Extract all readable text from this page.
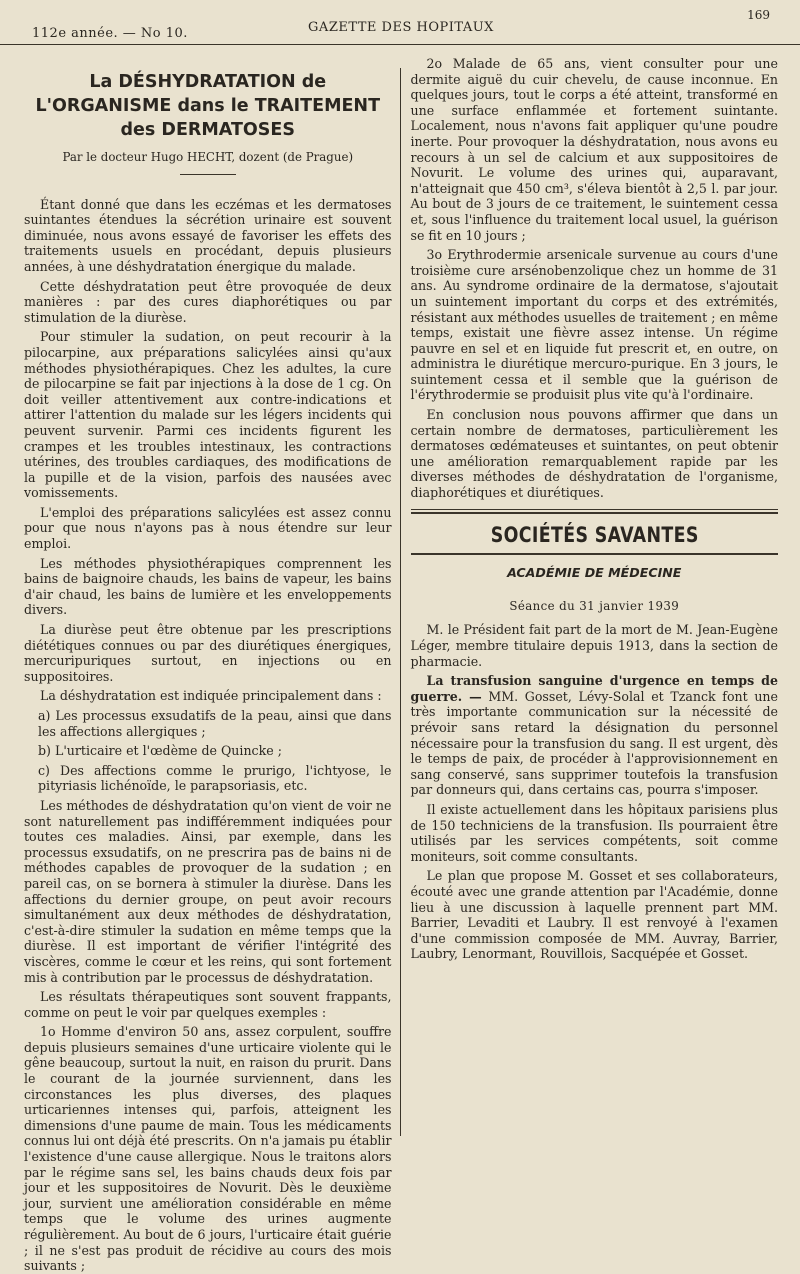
112e année. — No 10.	GAZETTE DES HOPITAUX
169
La DÉSHYDRATATION de L'ORGANISME dans le TRAITEMENT des DERMATOSES
Par le docteur Hugo HECHT, dozent (de Prague)

Étant donné que dans les eczémas et les dermatoses suintantes étendues la sécrétion urinaire est souvent diminuée, nous avons essayé de favoriser les effets des traitements usuels en procédant, depuis plusieurs années, à une déshydratation énergique du malade.

Cette déshydratation peut être provoquée de deux manières : par des cures diaphorétiques ou par stimulation de la diurèse.

Pour stimuler la sudation, on peut recourir à la pilocarpine, aux préparations salicylées ainsi qu'aux méthodes physiothérapiques. Chez les adultes, la cure de pilocarpine se fait par injections à la dose de 1 cg. On doit veiller attentivement aux contre-indications et attirer l'attention du malade sur les légers incidents qui peuvent survenir. Parmi ces incidents figurent les crampes et les troubles intestinaux, les contractions utérines, des troubles cardiaques, des modifications de la pupille et de la vision, parfois des nausées avec vomissements.

L'emploi des préparations salicylées est assez connu pour que nous n'ayons pas à nous étendre sur leur emploi.

Les méthodes physiothérapiques comprennent les bains de baignoire chauds, les bains de vapeur, les bains d'air chaud, les bains de lumière et les enveloppements divers.

La diurèse peut être obtenue par les prescriptions diététiques connues ou par des diurétiques énergiques, mercuripuriques surtout, en injections ou en suppositoires.

La déshydratation est indiquée principalement dans :

a) Les processus exsudatifs de la peau, ainsi que dans les affections allergiques ;

b) L'urticaire et l'œdème de Quincke ;

c) Des affections comme le prurigo, l'ichtyose, le pityriasis lichénoïde, le parapsoriasis, etc.

Les méthodes de déshydratation qu'on vient de voir ne sont naturellement pas indifféremment indiquées pour toutes ces maladies. Ainsi, par exemple, dans les processus exsudatifs, on ne prescrira pas de bains ni de méthodes capables de provoquer de la sudation ; en pareil cas, on se bornera à stimuler la diurèse. Dans les affections du dernier groupe, on peut avoir recours simultanément aux deux méthodes de déshydratation, c'est-à-dire stimuler la sudation en même temps que la diurèse. Il est important de vérifier l'intégrité des viscères, comme le cœur et les reins, qui sont fortement mis à contribution par le processus de déshydratation.

Les résultats thérapeutiques sont souvent frappants, comme on peut le voir par quelques exemples :

1o Homme d'environ 50 ans, assez corpulent, souffre depuis plusieurs semaines d'une urticaire violente qui le gêne beaucoup, surtout la nuit, en raison du prurit. Dans le courant de la journée surviennent, dans les circonstances les plus diverses, des plaques urticariennes intenses qui, parfois, atteignent les dimensions d'une paume de main. Tous les médicaments connus lui ont déjà été prescrits. On n'a jamais pu établir l'existence d'une cause allergique. Nous le traitons alors par le régime sans sel, les bains chauds deux fois par jour et les suppositoires de Novurit. Dès le deuxième jour, survient une amélioration considérable en même temps que le volume des urines augmente régulièrement. Au bout de 6 jours, l'urticaire était guérie ; il ne s'est pas produit de récidive au cours des mois suivants ;

2o Malade de 65 ans, vient consulter pour une dermite aiguë du cuir chevelu, de cause inconnue. En quelques jours, tout le corps a été atteint, transformé en une surface enflammée et fortement suintante. Localement, nous n'avons fait appliquer qu'une poudre inerte. Pour provoquer la déshydratation, nous avons eu recours à un sel de calcium et aux suppositoires de Novurit. Le volume des urines qui, auparavant, n'atteignait que 450 cm³, s'éleva bientôt à 2,5 l. par jour. Au bout de 3 jours de ce traitement, le suintement cessa et, sous l'influence du traitement local usuel, la guérison se fit en 10 jours ;

3o Erythrodermie arsenicale survenue au cours d'une troisième cure arsénobenzolique chez un homme de 31 ans. Au syndrome ordinaire de la dermatose, s'ajoutait un suintement important du corps et des extrémités, résistant aux méthodes usuelles de traitement ; en même temps, existait une fièvre assez intense. Un régime pauvre en sel et en liquide fut prescrit et, en outre, on administra le diurétique mercuro-purique. En 3 jours, le suintement cessa et il semble que la guérison de l'érythrodermie se produisit plus vite qu'à l'ordinaire.

En conclusion nous pouvons affirmer que dans un certain nombre de dermatoses, particulièrement les dermatoses œdémateuses et suintantes, on peut obtenir une amélioration remarquablement rapide par les diverses méthodes de déshydratation de l'organisme, diaphorétiques et diurétiques.

SOCIÉTÉS SAVANTES
ACADÉMIE DE MÉDECINE
Séance du 31 janvier 1939

M. le Président fait part de la mort de M. Jean-Eugène Léger, membre titulaire depuis 1913, dans la section de pharmacie.

La transfusion sanguine d'urgence en temps de guerre. — MM. Gosset, Lévy-Solal et Tzanck font une très importante communication sur la nécessité de prévoir sans retard la désignation du personnel nécessaire pour la transfusion du sang. Il est urgent, dès le temps de paix, de procéder à l'approvisionnement en sang conservé, sans supprimer toutefois la transfusion par donneurs qui, dans certains cas, pourra s'imposer.

Il existe actuellement dans les hôpitaux parisiens plus de 150 techniciens de la transfusion. Ils pourraient être utilisés par les services compétents, soit comme moniteurs, soit comme consultants.

Le plan que propose M. Gosset et ses collaborateurs, écouté avec une grande attention par l'Académie, donne lieu à une discussion à laquelle prennent part MM. Barrier, Levaditi et Laubry. Il est renvoyé à l'examen d'une commission composée de MM. Auvray, Barrier, Laubry, Lenormant, Rouvillois, Sacquépée et Gosset.
